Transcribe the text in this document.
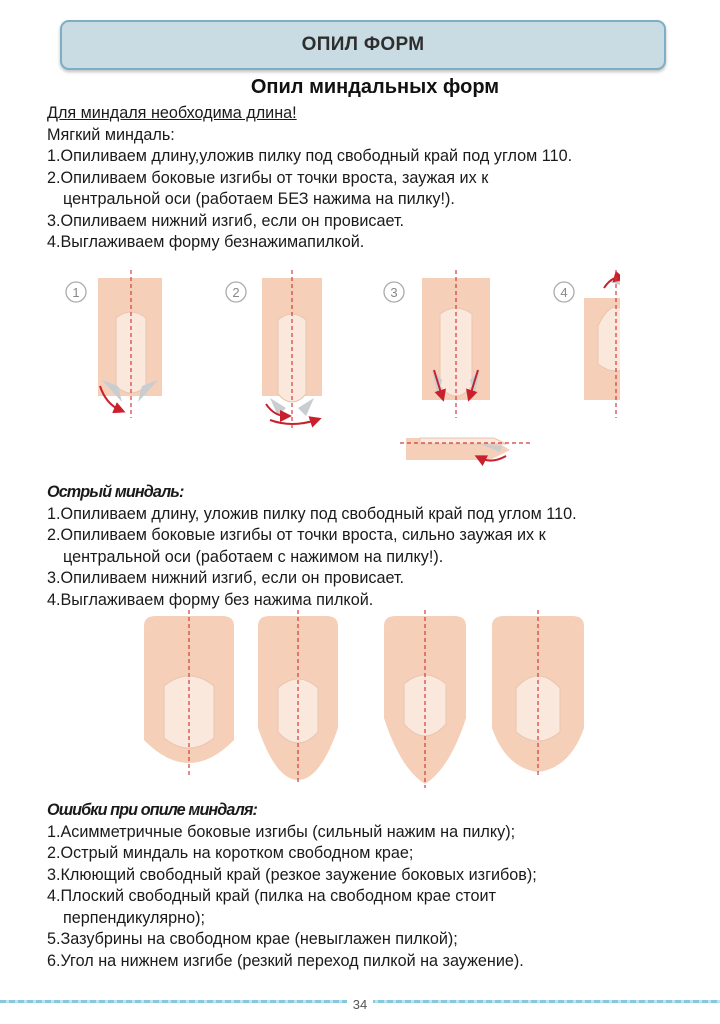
ОПИЛ ФОРМ
Опил миндальных форм

Для миндаля необходима длина!

Мягкий миндаль:

1.Опиливаем длину,уложив пилку под свободный край под углом 110.

2.Опиливаем боковые изгибы от точки вроста, заужая их к

центральной оси (работаем БЕЗ нажима на пилку!).

3.Опиливаем нижний изгиб, если он провисает.

4.Выглаживаем форму безнажимапилкой.

1	2	3	4

Острый миндаль:

1.Опиливаем длину, уложив пилку под свободный край под углом 110.

2.Опиливаем боковые изгибы от точки вроста, сильно заужая их к

центральной оси (работаем с нажимом на пилку!).

3.Опиливаем нижний изгиб, если он провисает.

4.Выглаживаем форму без нажима пилкой.

Ошибки при опиле миндаля:

1.Асимметричные боковые изгибы (сильный нажим на пилку);

2.Острый миндаль на коротком свободном крае;

3.Клюющий свободный край (резкое заужение боковых изгибов);

4.Плоский свободный край (пилка на свободном крае стоит

перпендикулярно);

5.Зазубрины на свободном крае (невыглажен пилкой);

6.Угол на нижнем изгибе (резкий переход пилкой на заужение).

34
